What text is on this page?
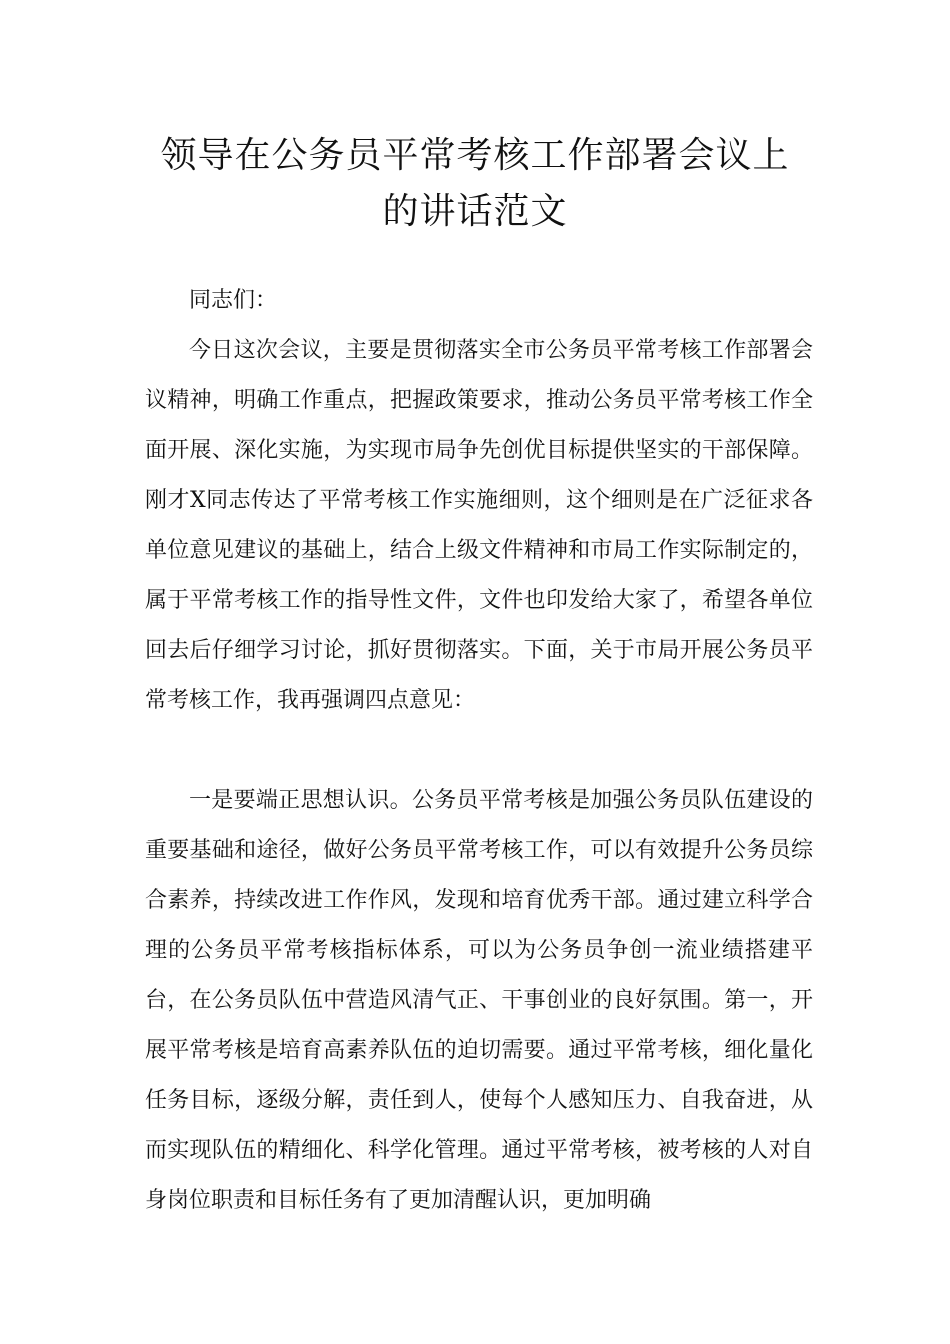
领导在公务员平常考核工作部署会议上
的讲话范文

同志们：

今日这次会议，主要是贯彻落实全市公务员平常考核工作部署会议精神，明确工作重点，把握政策要求，推动公务员平常考核工作全面开展、深化实施，为实现市局争先创优目标提供坚实的干部保障。刚才X同志传达了平常考核工作实施细则，这个细则是在广泛征求各单位意见建议的基础上，结合上级文件精神和市局工作实际制定的，属于平常考核工作的指导性文件，文件也印发给大家了，希望各单位回去后仔细学习讨论，抓好贯彻落实。下面，关于市局开展公务员平常考核工作，我再强调四点意见：

一是要端正思想认识。公务员平常考核是加强公务员队伍建设的重要基础和途径，做好公务员平常考核工作，可以有效提升公务员综合素养，持续改进工作作风，发现和培育优秀干部。通过建立科学合理的公务员平常考核指标体系，可以为公务员争创一流业绩搭建平台，在公务员队伍中营造风清气正、干事创业的良好氛围。第一，开展平常考核是培育高素养队伍的迫切需要。通过平常考核，细化量化任务目标，逐级分解，责任到人，使每个人感知压力、自我奋进，从而实现队伍的精细化、科学化管理。通过平常考核，被考核的人对自身岗位职责和目标任务有了更加清醒认识，更加明确
